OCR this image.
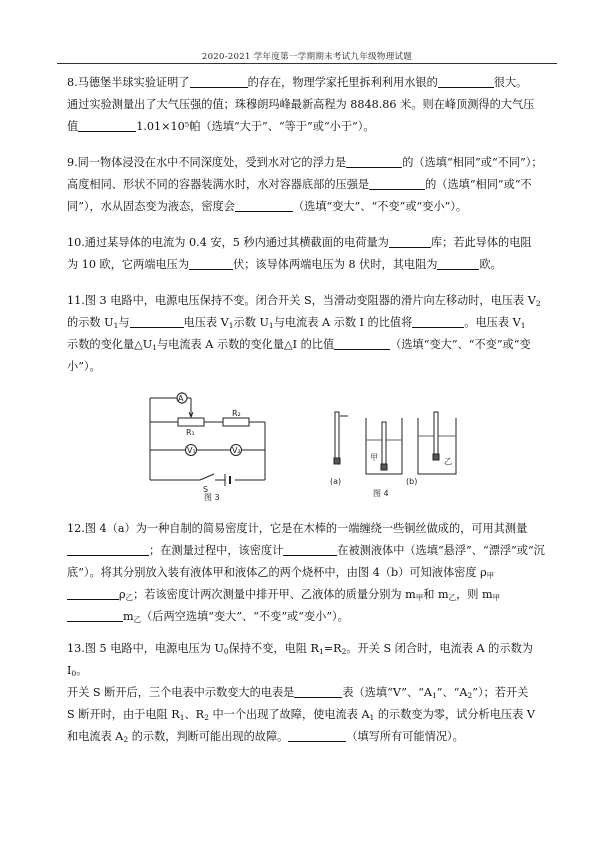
2020-2021 学年度第一学期期末考试九年级物理试题
8.马德堡半球实验证明了	的存在，物理学家托里拆利利用水银的	很大。
通过实验测量出了大气压强的值；珠穆朗玛峰最新高程为 8848.86 米。则在峰顶测得的大气压
值	1.01×10⁵帕（选填“大于”、“等于”或“小于”）。
9.同一物体浸没在水中不同深度处，受到水对它的浮力是	的（选填“相同”或“不同”）；
高度相同、形状不同的容器装满水时，水对容器底部的压强是	的（选填“相同”或“不
同”），水从固态变为液态，密度会	（选填“变大”、“不变”或“变小”）。
10.通过某导体的电流为 0.4 安，5 秒内通过其横截面的电荷量为	库；若此导体的电阻
为 10 欧，它两端电压为	伏；该导体两端电压为 8 伏时，其电阻为	欧。
11.图 3 电路中，电源电压保持不变。闭合开关 S，当滑动变阻器的滑片向左移动时，电压表 $V_2$
的示数 $U_1$与	电压表 $V_1$示数 $U_1$与电流表 A 示数 I 的比值将	。电压表 $V_1$
示数的变化量$\triangle U_1$与电流表 A 示数的变化量△I 的比值	（选填“变大”、“不变”或“变
小”）。
A
R₁
R₂
V₁	V₂
S
图 3
(a)	(b)
甲	乙
图 4
12.图 4（a）为一种自制的简易密度计，它是在木棒的一端缠绕一些铜丝做成的，可用其测量
；在测量过程中，该密度计	在被测液体中（选填“悬浮”、“漂浮”或“沉
底”）。将其分别放入装有液体甲和液体乙的两个烧杯中，由图 4（b）可知液体密度 $\rho_甲$
$\rho_乙$；若该密度计两次测量中排开甲、乙液体的质量分别为 $m_甲$和 $m_乙$，则 $m_甲$
$m_乙$（后两空选填“变大”、“不变”或“变小”）。
13.图 5 电路中，电源电压为 $U_0$保持不变，电阻 $R_1=R_2$。开关 S 闭合时，电流表 A 的示数为 $I_0$。
开关 S 断开后，三个电表中示数变大的电表是	表（选填“V”、“$A_1$”、“$A_2$”）；若开关
S 断开时，由于电阻 $R_1$、$R_2$ 中一个出现了故障，使电流表 $A_1$ 的示数变为零，试分析电压表 V
和电流表 $A_2$ 的示数，判断可能出现的故障。	（填写所有可能情况）。
